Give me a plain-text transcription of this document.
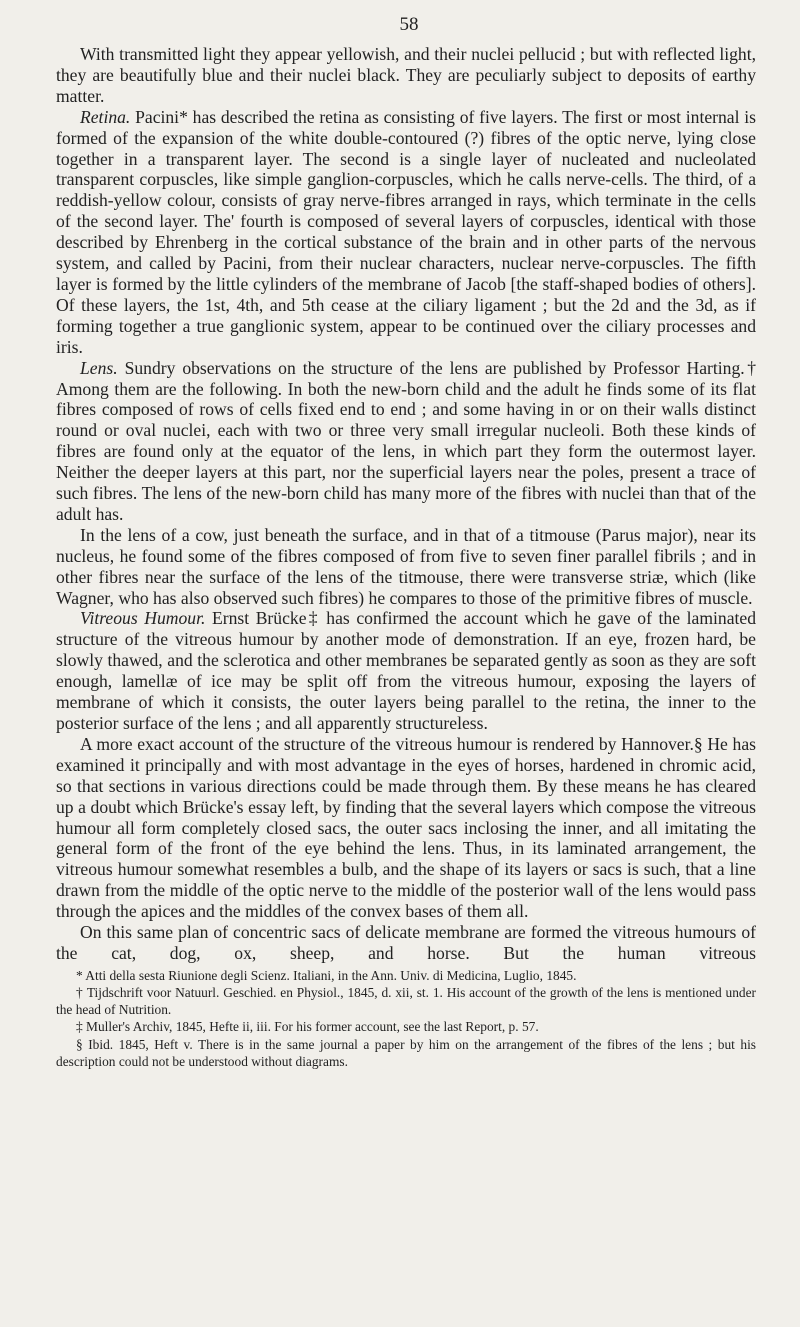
58

With transmitted light they appear yellowish, and their nuclei pellucid ; but with reflected light, they are beautifully blue and their nuclei black. They are peculiarly subject to deposits of earthy matter.

Retina. Pacini* has described the retina as consisting of five layers. The first or most internal is formed of the expansion of the white double-contoured (?) fibres of the optic nerve, lying close together in a transparent layer. The second is a single layer of nucleated and nucleolated transparent corpuscles, like simple ganglion-corpuscles, which he calls nerve-cells. The third, of a reddish-yellow colour, consists of gray nerve-fibres arranged in rays, which terminate in the cells of the second layer. The' fourth is composed of several layers of corpuscles, identical with those described by Ehrenberg in the cortical substance of the brain and in other parts of the nervous system, and called by Pacini, from their nuclear characters, nuclear nerve-corpuscles. The fifth layer is formed by the little cylinders of the membrane of Jacob [the staff-shaped bodies of others]. Of these layers, the 1st, 4th, and 5th cease at the ciliary ligament ; but the 2d and the 3d, as if forming together a true ganglionic system, appear to be continued over the ciliary processes and iris.

Lens. Sundry observations on the structure of the lens are published by Professor Harting.† Among them are the following. In both the new-born child and the adult he finds some of its flat fibres composed of rows of cells fixed end to end ; and some having in or on their walls distinct round or oval nuclei, each with two or three very small irregular nucleoli. Both these kinds of fibres are found only at the equator of the lens, in which part they form the outermost layer. Neither the deeper layers at this part, nor the superficial layers near the poles, present a trace of such fibres. The lens of the new-born child has many more of the fibres with nuclei than that of the adult has.

In the lens of a cow, just beneath the surface, and in that of a titmouse (Parus major), near its nucleus, he found some of the fibres composed of from five to seven finer parallel fibrils ; and in other fibres near the surface of the lens of the titmouse, there were transverse striæ, which (like Wagner, who has also observed such fibres) he compares to those of the primitive fibres of muscle.

Vitreous Humour. Ernst Brücke‡ has confirmed the account which he gave of the laminated structure of the vitreous humour by another mode of demonstration. If an eye, frozen hard, be slowly thawed, and the sclerotica and other membranes be separated gently as soon as they are soft enough, lamellæ of ice may be split off from the vitreous humour, exposing the layers of membrane of which it consists, the outer layers being parallel to the retina, the inner to the posterior surface of the lens ; and all apparently structureless.

A more exact account of the structure of the vitreous humour is rendered by Hannover.§ He has examined it principally and with most advantage in the eyes of horses, hardened in chromic acid, so that sections in various directions could be made through them. By these means he has cleared up a doubt which Brücke's essay left, by finding that the several layers which compose the vitreous humour all form completely closed sacs, the outer sacs inclosing the inner, and all imitating the general form of the front of the eye behind the lens. Thus, in its laminated arrangement, the vitreous humour somewhat resembles a bulb, and the shape of its layers or sacs is such, that a line drawn from the middle of the optic nerve to the middle of the posterior wall of the lens would pass through the apices and the middles of the convex bases of them all.

On this same plan of concentric sacs of delicate membrane are formed the vitreous humours of the cat, dog, ox, sheep, and horse. But the human vitreous

* Atti della sesta Riunione degli Scienz. Italiani, in the Ann. Univ. di Medicina, Luglio, 1845.

† Tijdschrift voor Natuurl. Geschied. en Physiol., 1845, d. xii, st. 1. His account of the growth of the lens is mentioned under the head of Nutrition.

‡ Muller's Archiv, 1845, Hefte ii, iii. For his former account, see the last Report, p. 57.

§ Ibid. 1845, Heft v. There is in the same journal a paper by him on the arrangement of the fibres of the lens ; but his description could not be understood without diagrams.
